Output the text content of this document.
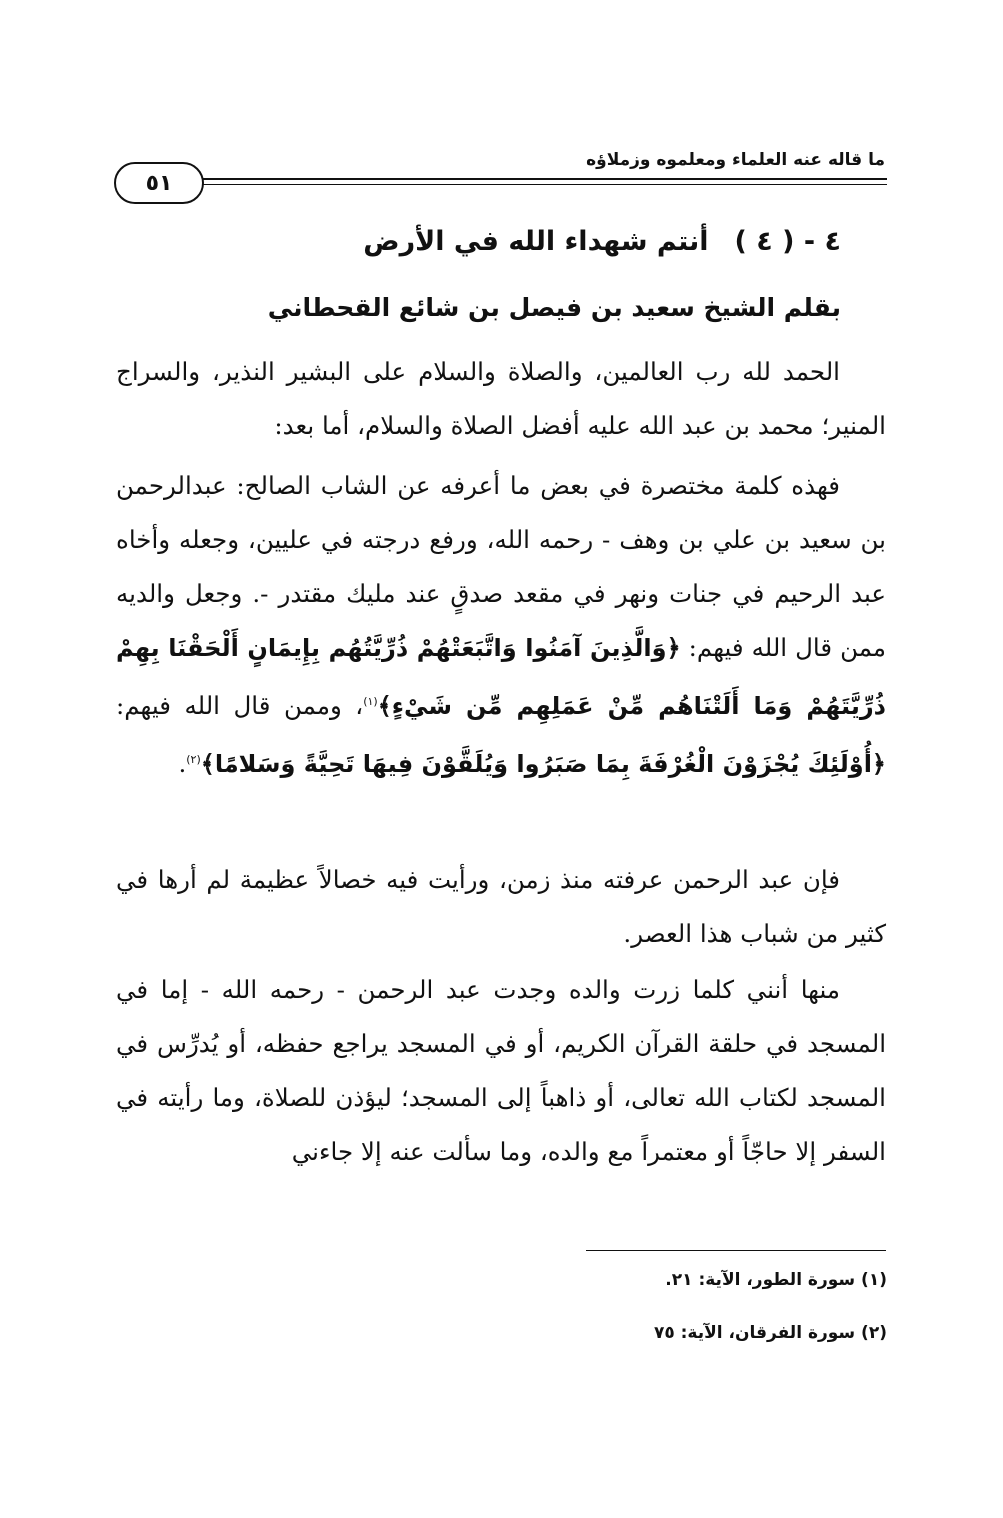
ما قاله عنه العلماء ومعلموه وزملاؤه
٥١
٤ - ( ٤ )أنتم شهداء الله في الأرض
بقلم الشيخ سعيد بن فيصل بن شائع القحطاني

الحمد لله رب العالمين، والصلاة والسلام على البشير النذير، والسراج المنير؛ محمد بن عبد الله عليه أفضل الصلاة والسلام، أما بعد:

فهذه كلمة مختصرة في بعض ما أعرفه عن الشاب الصالح: عبدالرحمن بن سعيد بن علي بن وهف - رحمه الله، ورفع درجته في عليين، وجعله وأخاه عبد الرحيم في جنات ونهر في مقعد صدقٍ عند مليك مقتدر -. وجعل والديه ممن قال الله فيهم: ﴿وَالَّذِينَ آمَنُوا وَاتَّبَعَتْهُمْ ذُرِّيَّتُهُم بِإِيمَانٍ أَلْحَقْنَا بِهِمْ ذُرِّيَّتَهُمْ وَمَا أَلَتْنَاهُم مِّنْ عَمَلِهِم مِّن شَيْءٍ﴾$^{(١)}$، وممن قال الله فيهم: ﴿أُوْلَئِكَ يُجْزَوْنَ الْغُرْفَةَ بِمَا صَبَرُوا وَيُلَقَّوْنَ فِيهَا تَحِيَّةً وَسَلامًا﴾$^{(٢)}$.

فإن عبد الرحمن عرفته منذ زمن، ورأيت فيه خصالاً عظيمة لم أرها في كثير من شباب هذا العصر.

منها أنني كلما زرت والده وجدت عبد الرحمن - رحمه الله - إما في المسجد في حلقة القرآن الكريم، أو في المسجد يراجع حفظه، أو يُدرِّس في المسجد لكتاب الله تعالى، أو ذاهباً إلى المسجد؛ ليؤذن للصلاة، وما رأيته في السفر إلا حاجّاً أو معتمراً مع والده، وما سألت عنه إلا جاءني

(١) سورة الطور، الآية: ٢١.
(٢) سورة الفرقان، الآية: ٧٥
